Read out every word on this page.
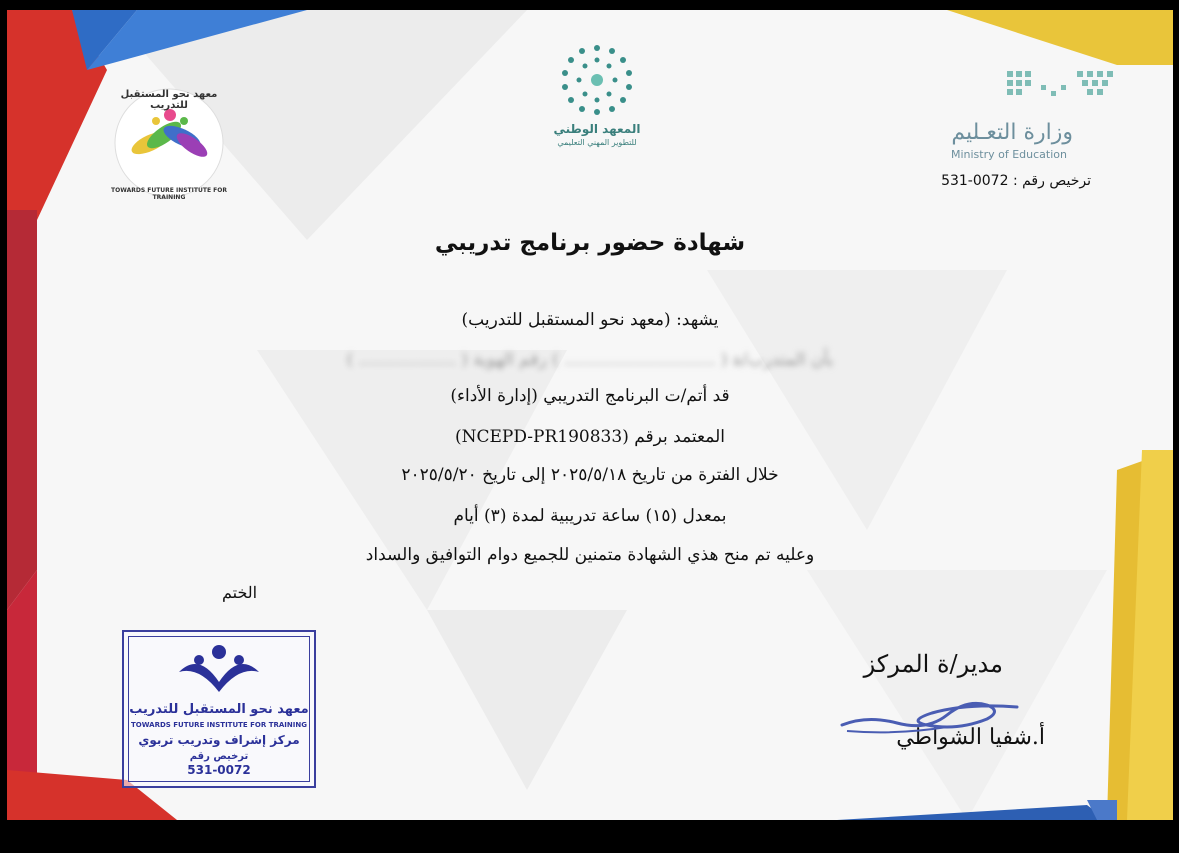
معهد نحو المستقبل للتدريب
TOWARDS FUTURE INSTITUTE FOR TRAINING
المعهد الوطني
للتطوير المهني التعليمي	وزارة التعـليم
Ministry of Education
ترخيص رقم : 0072-531
شهادة حضور برنامج تدريبي
يشهد: (معهد نحو المستقبل للتدريب)
بأن المتدرب/ة ( ............................ ) رقم الهوية ( .................. )
قد أتم/ت البرنامج التدريبي (إدارة الأداء)
المعتمد برقم (NCEPD-PR190833)
خلال الفترة من تاريخ ٢٠٢٥/٥/١٨ إلى تاريخ ٢٠٢٥/٥/٢٠
بمعدل (١٥) ساعة تدريبية لمدة (٣) أيام
وعليه تم منح هذي الشهادة متمنين للجميع دوام التوافيق والسداد
الختم
معهد نحو المستقبل للتدريب
TOWARDS FUTURE INSTITUTE FOR TRAINING
مركز إشراف وتدريب تربوي
ترخيص رقم
531-0072
مدير/ة المركز
أ.شفيا الشواطي
